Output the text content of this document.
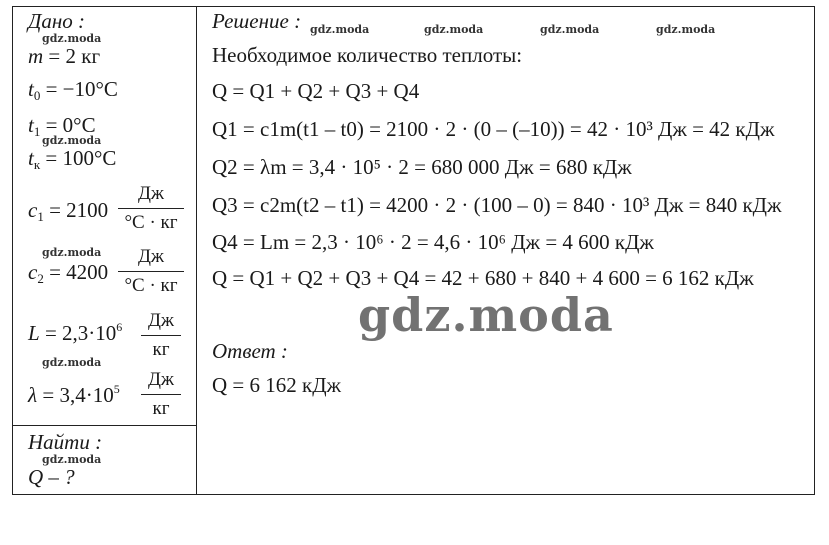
Дано :
gdz.moda
m = 2 кг
$t_0 = -10^\circ C$
$t_1 = 0^\circ C$
gdz.moda
$t_к = 100^\circ C$
$c_1 = 2100$
Дж
°C · кг
gdz.moda
$c_2 = 4200$
Дж
°C · кг
$L = 2,3\cdot 10^6$	Дж
кг
gdz.moda
$\lambda = 3,4\cdot 10^5$	Дж
кг
Найти :
gdz.moda
Q – ?
Решение : gdz.moda	gdz.moda	gdz.moda	gdz.moda
Необходимое количество теплоты:
Q = Q1 + Q2 + Q3 + Q4
Q1 = c1m(t1 – t0) = 2100 · 2 · (0 – (–10)) = 42 · 10³ Дж = 42 кДж
Q2 = λm = 3,4 · 10⁵ · 2 = 680 000 Дж = 680 кДж
Q3 = c2m(t2 – t1) = 4200 · 2 · (100 – 0) = 840 · 10³ Дж = 840 кДж
Q4 = Lm = 2,3 · 10⁶ · 2 = 4,6 · 10⁶ Дж = 4 600 кДж
Q = Q1 + Q2 + Q3 + Q4 = 42 + 680 + 840 + 4 600 = 6 162 кДж
gdz.moda
Ответ :
Q = 6 162 кДж
